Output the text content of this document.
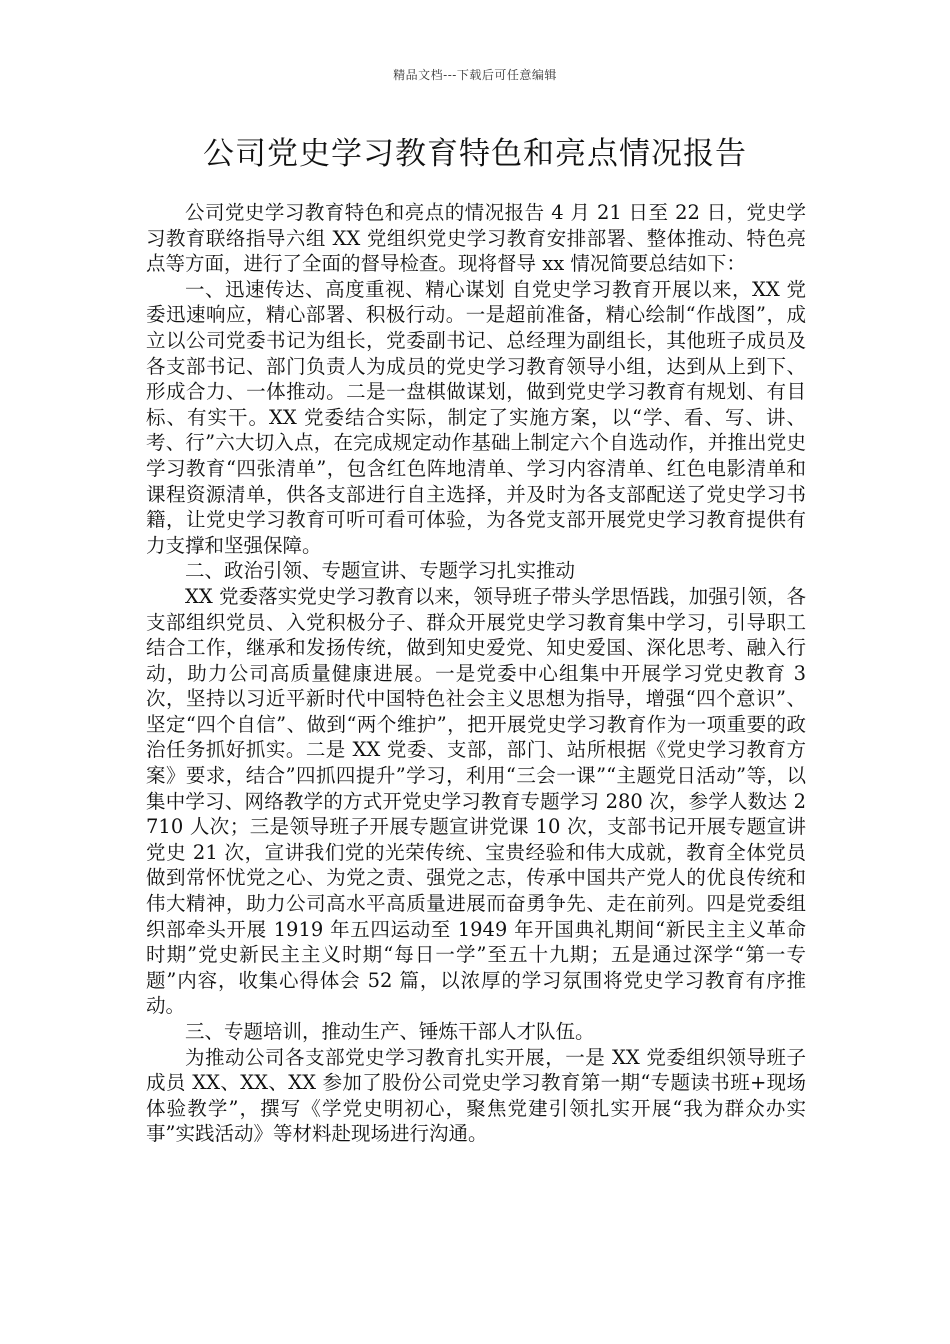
精品文档---下载后可任意编辑
公司党史学习教育特色和亮点情况报告

公司党史学习教育特色和亮点的情况报告 4 月 21 日至 22 日，党史学习教育联络指导六组 XX 党组织党史学习教育安排部署、整体推动、特色亮点等方面，进行了全面的督导检查。现将督导 xx 情况简要总结如下：

一、迅速传达、高度重视、精心谋划 自党史学习教育开展以来，XX 党委迅速响应，精心部署、积极行动。一是超前准备，精心绘制“作战图”，成立以公司党委书记为组长，党委副书记、总经理为副组长，其他班子成员及各支部书记、部门负责人为成员的党史学习教育领导小组，达到从上到下、形成合力、一体推动。二是一盘棋做谋划，做到党史学习教育有规划、有目标、有实干。XX 党委结合实际，制定了实施方案，以“学、看、写、讲、考、行”六大切入点，在完成规定动作基础上制定六个自选动作，并推出党史学习教育“四张清单”，包含红色阵地清单、学习内容清单、红色电影清单和课程资源清单，供各支部进行自主选择，并及时为各支部配送了党史学习书籍，让党史学习教育可听可看可体验，为各党支部开展党史学习教育提供有力支撑和坚强保障。

二、政治引领、专题宣讲、专题学习扎实推动

XX 党委落实党史学习教育以来，领导班子带头学思悟践，加强引领，各支部组织党员、入党积极分子、群众开展党史学习教育集中学习，引导职工结合工作，继承和发扬传统，做到知史爱党、知史爱国、深化思考、融入行动，助力公司高质量健康进展。一是党委中心组集中开展学习党史教育 3 次，坚持以习近平新时代中国特色社会主义思想为指导，增强“四个意识”、坚定“四个自信”、做到“两个维护”，把开展党史学习教育作为一项重要的政治任务抓好抓实。二是 XX 党委、支部，部门、站所根据《党史学习教育方案》要求，结合”四抓四提升”学习，利用“三会一课”“主题党日活动”等，以集中学习、网络教学的方式开党史学习教育专题学习 280 次，参学人数达 2710 人次；三是领导班子开展专题宣讲党课 10 次，支部书记开展专题宣讲党史 21 次，宣讲我们党的光荣传统、宝贵经验和伟大成就，教育全体党员做到常怀忧党之心、为党之责、强党之志，传承中国共产党人的优良传统和伟大精神，助力公司高水平高质量进展而奋勇争先、走在前列。四是党委组织部牵头开展 1919 年五四运动至 1949 年开国典礼期间“新民主主义革命时期”党史新民主主义时期“每日一学”至五十九期；五是通过深学“第一专题”内容，收集心得体会 52 篇，以浓厚的学习氛围将党史学习教育有序推动。

三、专题培训，推动生产、锤炼干部人才队伍。

为推动公司各支部党史学习教育扎实开展，一是 XX 党委组织领导班子成员 XX、XX、XX 参加了股份公司党史学习教育第一期“专题读书班+现场体验教学”，撰写《学党史明初心，聚焦党建引领扎实开展“我为群众办实事”实践活动》等材料赴现场进行沟通。
